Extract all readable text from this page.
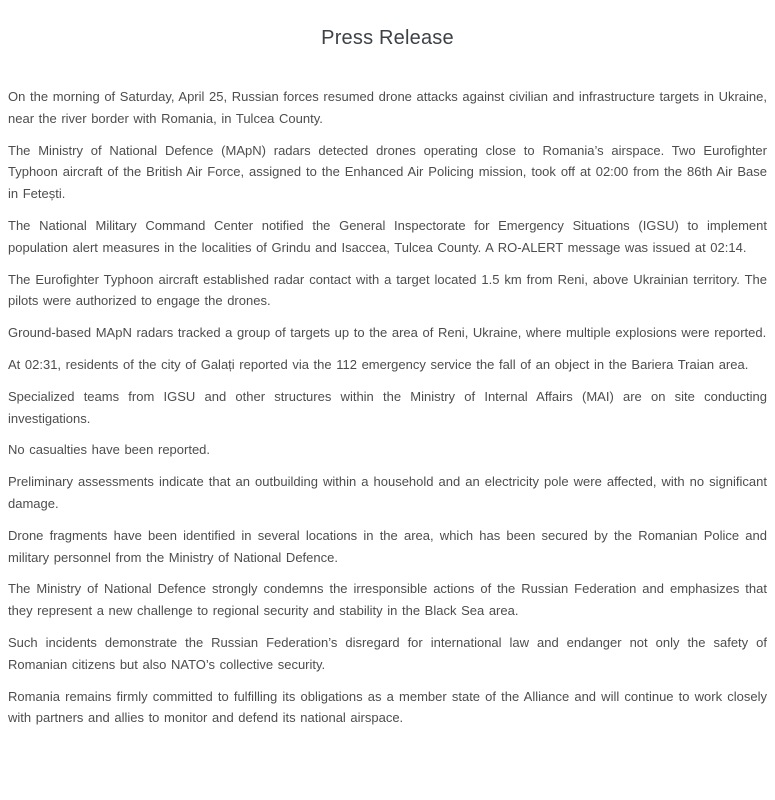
Press Release

On the morning of Saturday, April 25, Russian forces resumed drone attacks against civilian and infrastructure targets in Ukraine, near the river border with Romania, in Tulcea County.

The Ministry of National Defence (MApN) radars detected drones operating close to Romania’s airspace. Two Eurofighter Typhoon aircraft of the British Air Force, assigned to the Enhanced Air Policing mission, took off at 02:00 from the 86th Air Base in Fetești.

The National Military Command Center notified the General Inspectorate for Emergency Situations (IGSU) to implement population alert measures in the localities of Grindu and Isaccea, Tulcea County. A RO-ALERT message was issued at 02:14.

The Eurofighter Typhoon aircraft established radar contact with a target located 1.5 km from Reni, above Ukrainian territory. The pilots were authorized to engage the drones.

Ground-based MApN radars tracked a group of targets up to the area of Reni, Ukraine, where multiple explosions were reported.

At 02:31, residents of the city of Galați reported via the 112 emergency service the fall of an object in the Bariera Traian area.

Specialized teams from IGSU and other structures within the Ministry of Internal Affairs (MAI) are on site conducting investigations.

No casualties have been reported.

Preliminary assessments indicate that an outbuilding within a household and an electricity pole were affected, with no significant damage.

Drone fragments have been identified in several locations in the area, which has been secured by the Romanian Police and military personnel from the Ministry of National Defence.

The Ministry of National Defence strongly condemns the irresponsible actions of the Russian Federation and emphasizes that they represent a new challenge to regional security and stability in the Black Sea area.

Such incidents demonstrate the Russian Federation’s disregard for international law and endanger not only the safety of Romanian citizens but also NATO’s collective security.

Romania remains firmly committed to fulfilling its obligations as a member state of the Alliance and will continue to work closely with partners and allies to monitor and defend its national airspace.
